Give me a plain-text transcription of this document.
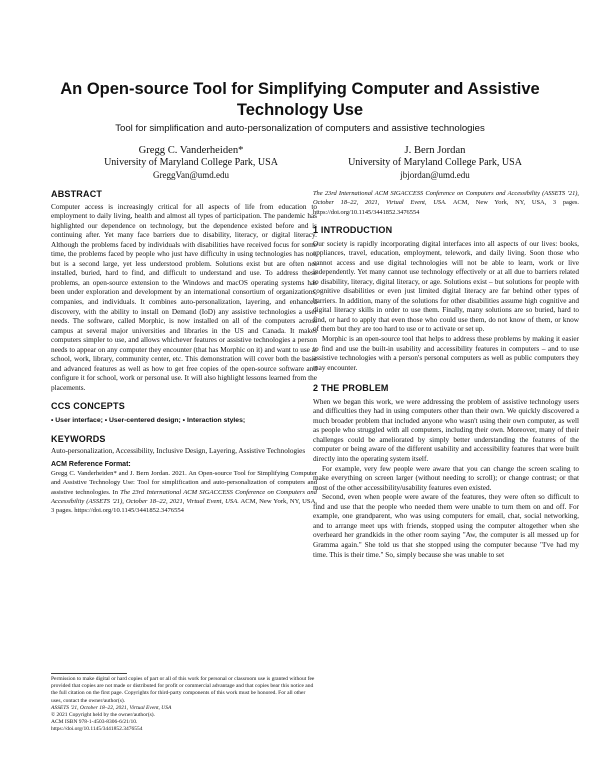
An Open-source Tool for Simplifying Computer and Assistive Technology Use
Tool for simplification and auto-personalization of computers and assistive technologies
Gregg C. Vanderheiden*
University of Maryland College Park, USA
GreggVan@umd.edu
J. Bern Jordan
University of Maryland College Park, USA
jbjordan@umd.edu
ABSTRACT

Computer access is increasingly critical for all aspects of life from education to employment to daily living, health and almost all types of participation. The pandemic has highlighted our dependence on technology, but the dependence existed before and is continuing after. Yet many face barriers due to disability, literacy, or digital literacy. Although the problems faced by individuals with disabilities have received focus for some time, the problems faced by people who just have difficulty in using technologies has not, but is a second large, yet less understood problem. Solutions exist but are often not installed, buried, hard to find, and difficult to understand and use. To address these problems, an open-source extension to the Windows and macOS operating systems has been under exploration and development by an international consortium of organizations, companies, and individuals. It combines auto-personalization, layering, and enhanced discovery, with the ability to install on Demand (IoD) any assistive technologies a user needs. The software, called Morphic, is now installed on all of the computers across campus at several major universities and libraries in the US and Canada. It makes computers simpler to use, and allows whichever features or assistive technologies a person needs to appear on any computer they encounter (that has Morphic on it) and want to use at school, work, library, community center, etc. This demonstration will cover both the basic and advanced features as well as how to get free copies of the open-source software and configure it for school, work or personal use. It will also highlight lessons learned from the placements.

CCS CONCEPTS

• User interface; • User-centered design; • Interaction styles;

KEYWORDS

Auto-personalization, Accessibility, Inclusive Design, Layering, Assistive Technologies

ACM Reference Format:
Gregg C. Vanderheiden* and J. Bern Jordan. 2021. An Open-source Tool for Simplifying Computer and Assistive Technology Use: Tool for simplification and auto-personalization of computers and assistive technologies. In The 23rd International ACM SIGACCESS Conference on Computers and Accessibility (ASSETS '21), October 18–22, 2021, Virtual Event, USA. ACM, New York, NY, USA, 3 pages. https://doi.org/10.1145/3441852.3476554
Permission to make digital or hard copies of part or all of this work for personal or classroom use is granted without fee provided that copies are not made or distributed for profit or commercial advantage and that copies bear this notice and the full citation on the first page. Copyrights for third-party components of this work must be honored. For all other uses, contact the owner/author(s).
ASSETS '21, October 18–22, 2021, Virtual Event, USA
© 2021 Copyright held by the owner/author(s).
ACM ISBN 978-1-4503-8306-6/21/10.
https://doi.org/10.1145/3441852.3476554
The 23rd International ACM SIGACCESS Conference on Computers and Accessibility (ASSETS '21), October 18–22, 2021, Virtual Event, USA. ACM, New York, NY, USA, 3 pages. https://doi.org/10.1145/3441852.3476554
1 INTRODUCTION

Our society is rapidly incorporating digital interfaces into all aspects of our lives: books, appliances, travel, education, employment, telework, and daily living. Soon those who cannot access and use digital technologies will not be able to learn, work or live independently. Yet many cannot use technology effectively or at all due to barriers related to disability, literacy, digital literacy, or age. Solutions exist – but solutions for people with cognitive disabilities or even just limited digital literacy are far behind other types of barriers. In addition, many of the solutions for other disabilities assume high cognitive and digital literacy skills in order to use them. Finally, many solutions are so buried, hard to find, or hard to apply that even those who could use them, do not know of them, or know of them but they are too hard to use or to activate or set up.

Morphic is an open-source tool that helps to address these problems by making it easier to find and use the built-in usability and accessibility features in computers – and to use assistive technologies with a person's personal computers as well as public computers they may encounter.

2 THE PROBLEM

When we began this work, we were addressing the problem of assistive technology users and difficulties they had in using computers other than their own. We quickly discovered a much broader problem that included anyone who wasn't using their own computer, as well as people who struggled with all computers, including their own. Moreover, many of their challenges could be ameliorated by simply better understanding the features of the computer or being aware of the different usability and accessibility features that were built directly into the operating system itself.

For example, very few people were aware that you can change the screen scaling to make everything on screen larger (without needing to scroll); or change contrast; or that most of the other accessibility/usability features even existed.

Second, even when people were aware of the features, they were often so difficult to find and use that the people who needed them were unable to turn them on and off. For example, one grandparent, who was using computers for email, chat, social networking, and to arrange meet ups with friends, stopped using the computer altogether when she overheard her grandkids in the other room saying "Aw, the computer is all messed up for Gramma again." She told us that she stopped using the computer because "I've had my time. This is their time." So, simply because she was unable to set
